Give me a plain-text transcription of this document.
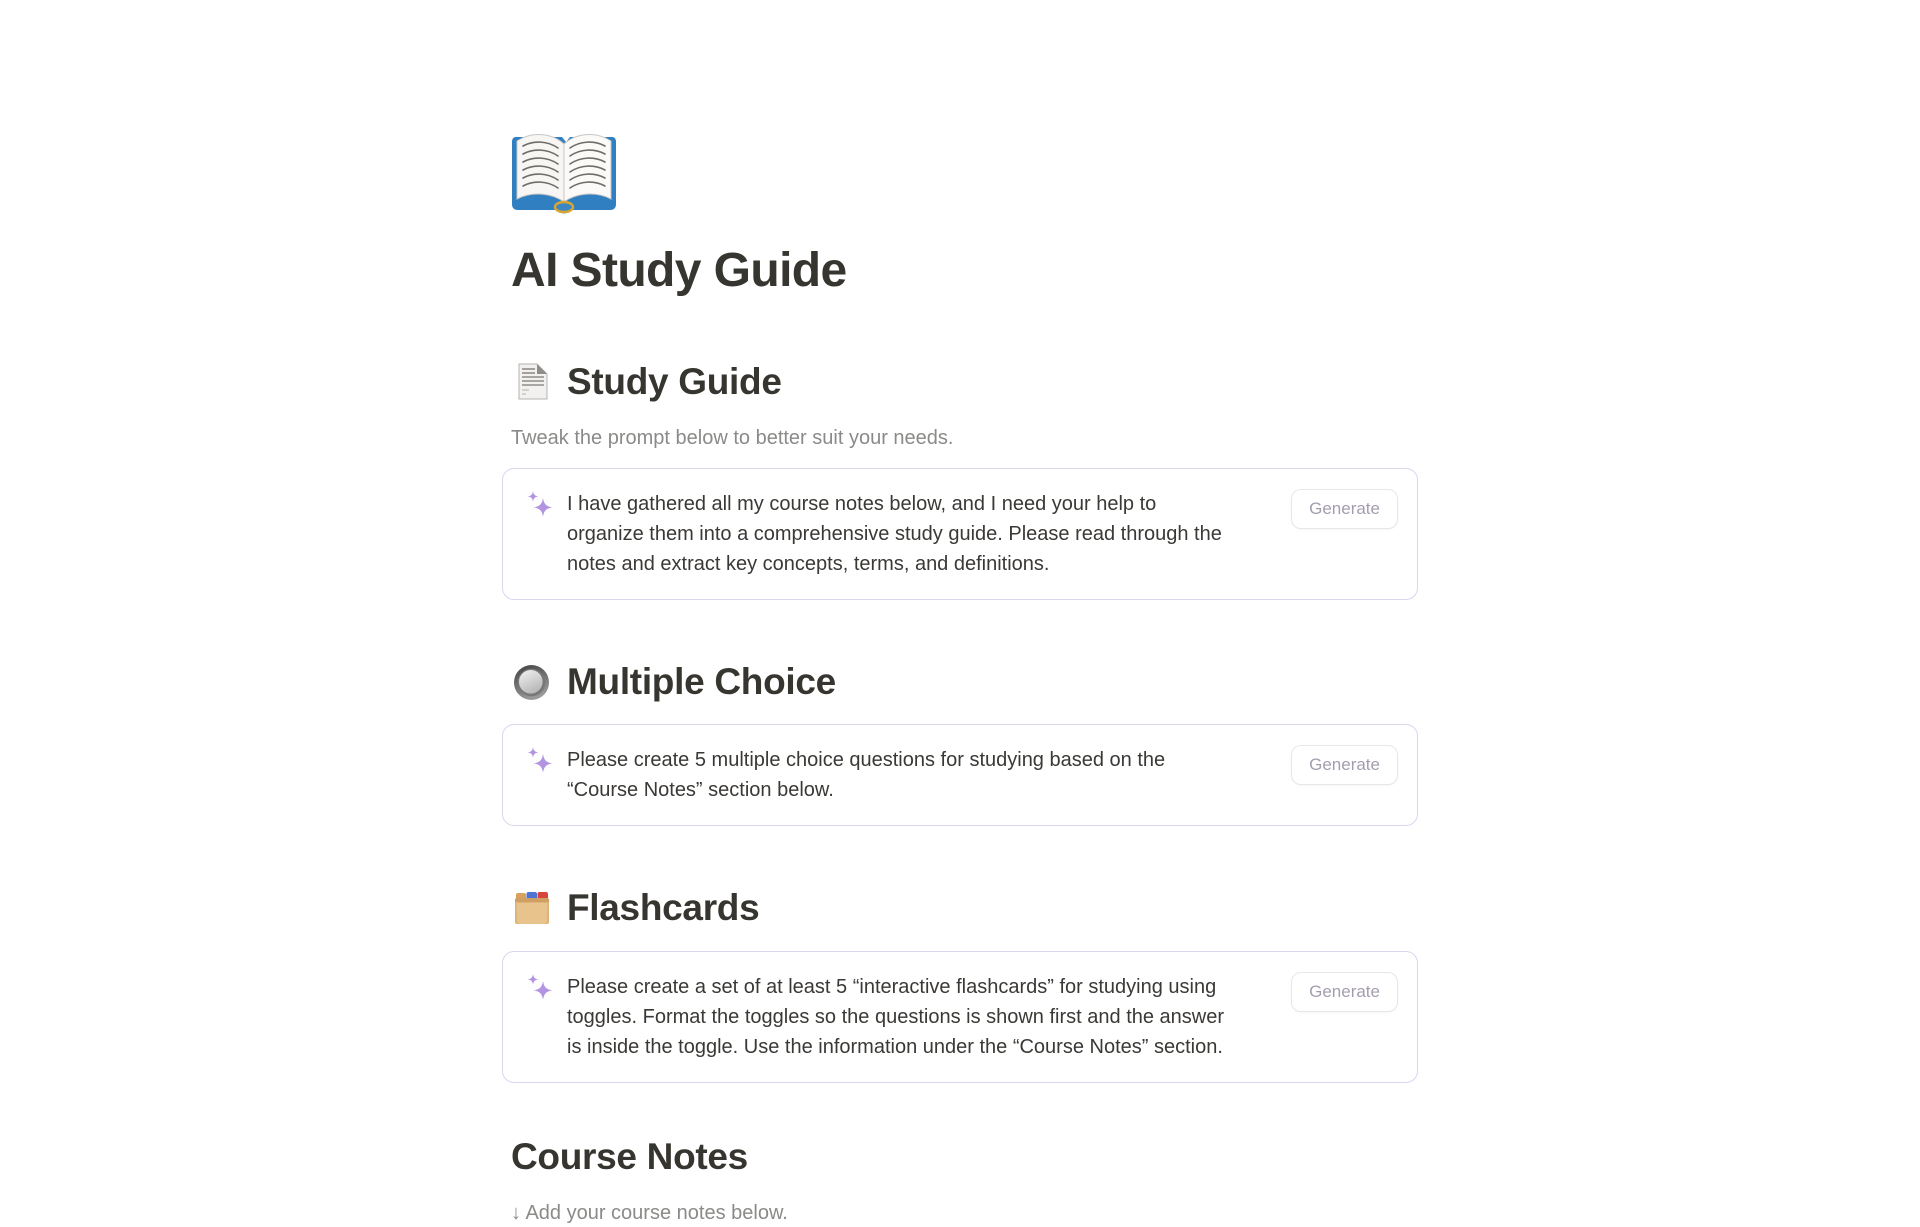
AI Study Guide
Study Guide
Tweak the prompt below to better suit your needs.
I have gathered all my course notes below, and I need your help to
organize them into a comprehensive study guide. Please read through the
notes and extract key concepts, terms, and definitions.
Generate
Multiple Choice
Please create 5 multiple choice questions for studying based on the
“Course Notes” section below.
Generate
Flashcards
Please create a set of at least 5 “interactive flashcards” for studying using
toggles. Format the toggles so the questions is shown first and the answer
is inside the toggle. Use the information under the “Course Notes” section.
Generate
Course Notes
↓ Add your course notes below.
